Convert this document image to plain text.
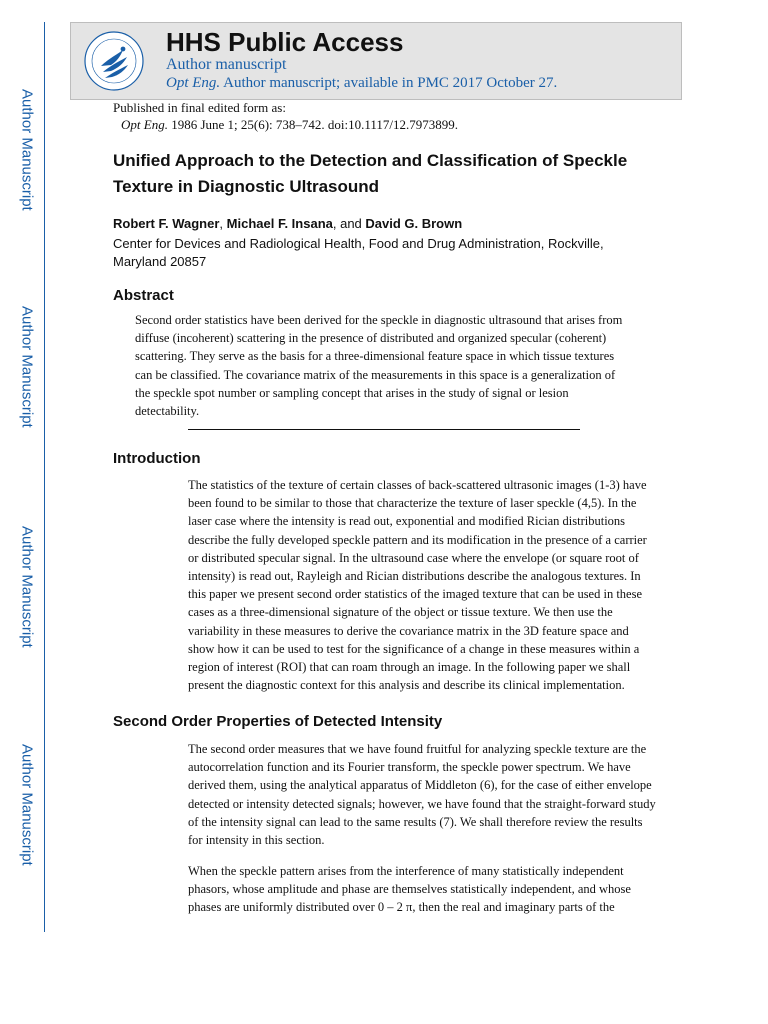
Author Manuscript
Author Manuscript
Author Manuscript
Author Manuscript
HHS Public Access
Author manuscript
Opt Eng. Author manuscript; available in PMC 2017 October 27.
Published in final edited form as:
Opt Eng. 1986 June 1; 25(6): 738–742. doi:10.1117/12.7973899.
Unified Approach to the Detection and Classification of Speckle Texture in Diagnostic Ultrasound
Robert F. Wagner, Michael F. Insana, and David G. Brown
Center for Devices and Radiological Health, Food and Drug Administration, Rockville, Maryland 20857
Abstract
Second order statistics have been derived for the speckle in diagnostic ultrasound that arises from diffuse (incoherent) scattering in the presence of distributed and organized specular (coherent) scattering. They serve as the basis for a three-dimensional feature space in which tissue textures can be classified. The covariance matrix of the measurements in this space is a generalization of the speckle spot number or sampling concept that arises in the study of signal or lesion detectability.
Introduction

The statistics of the texture of certain classes of back-scattered ultrasonic images (1-3) have been found to be similar to those that characterize the texture of laser speckle (4,5). In the laser case where the intensity is read out, exponential and modified Rician distributions describe the fully developed speckle pattern and its modification in the presence of a carrier or distributed specular signal. In the ultrasound case where the envelope (or square root of intensity) is read out, Rayleigh and Rician distributions describe the analogous textures. In this paper we present second order statistics of the imaged texture that can be used in these cases as a three-dimensional signature of the object or tissue texture. We then use the variability in these measures to derive the covariance matrix in the 3D feature space and show how it can be used to test for the significance of a change in these measures within a region of interest (ROI) that can roam through an image. In the following paper we shall present the diagnostic context for this analysis and describe its clinical implementation.

Second Order Properties of Detected Intensity

The second order measures that we have found fruitful for analyzing speckle texture are the autocorrelation function and its Fourier transform, the speckle power spectrum. We have derived them, using the analytical apparatus of Middleton (6), for the case of either envelope detected or intensity detected signals; however, we have found that the straight-forward study of the intensity signal can lead to the same results (7). We shall therefore review the results for intensity in this section.

When the speckle pattern arises from the interference of many statistically independent phasors, whose amplitude and phase are themselves statistically independent, and whose phases are uniformly distributed over 0 – 2 π, then the real and imaginary parts of the
